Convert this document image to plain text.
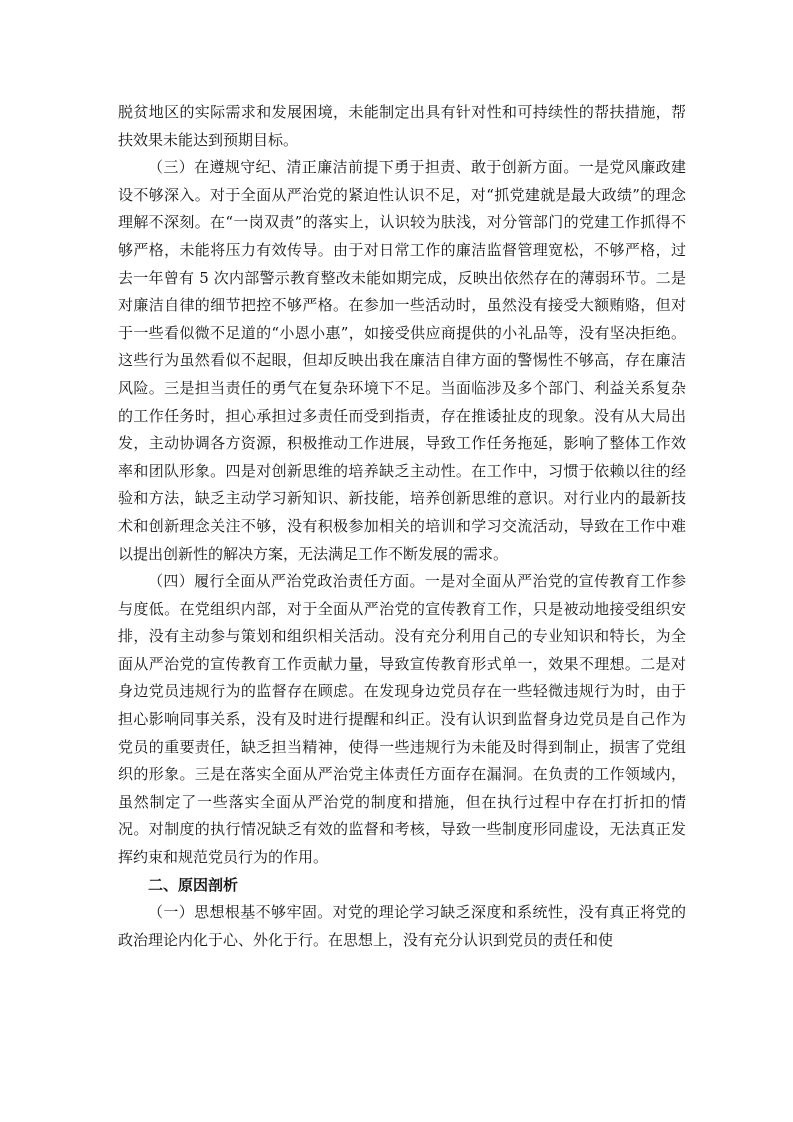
脱贫地区的实际需求和发展困境，未能制定出具有针对性和可持续性的帮扶措施，帮扶效果未能达到预期目标。

（三）在遵规守纪、清正廉洁前提下勇于担责、敢于创新方面。一是党风廉政建设不够深入。对于全面从严治党的紧迫性认识不足，对“抓党建就是最大政绩”的理念理解不深刻。在“一岗双责”的落实上，认识较为肤浅，对分管部门的党建工作抓得不够严格，未能将压力有效传导。由于对日常工作的廉洁监督管理宽松，不够严格，过去一年曾有 5 次内部警示教育整改未能如期完成，反映出依然存在的薄弱环节。二是对廉洁自律的细节把控不够严格。在参加一些活动时，虽然没有接受大额贿赂，但对于一些看似微不足道的“小恩小惠”，如接受供应商提供的小礼品等，没有坚决拒绝。这些行为虽然看似不起眼，但却反映出我在廉洁自律方面的警惕性不够高，存在廉洁风险。三是担当责任的勇气在复杂环境下不足。当面临涉及多个部门、利益关系复杂的工作任务时，担心承担过多责任而受到指责，存在推诿扯皮的现象。没有从大局出发，主动协调各方资源，积极推动工作进展，导致工作任务拖延，影响了整体工作效率和团队形象。四是对创新思维的培养缺乏主动性。在工作中，习惯于依赖以往的经验和方法，缺乏主动学习新知识、新技能，培养创新思维的意识。对行业内的最新技术和创新理念关注不够，没有积极参加相关的培训和学习交流活动，导致在工作中难以提出创新性的解决方案，无法满足工作不断发展的需求。

（四）履行全面从严治党政治责任方面。一是对全面从严治党的宣传教育工作参与度低。在党组织内部，对于全面从严治党的宣传教育工作，只是被动地接受组织安排，没有主动参与策划和组织相关活动。没有充分利用自己的专业知识和特长，为全面从严治党的宣传教育工作贡献力量，导致宣传教育形式单一，效果不理想。二是对身边党员违规行为的监督存在顾虑。在发现身边党员存在一些轻微违规行为时，由于担心影响同事关系，没有及时进行提醒和纠正。没有认识到监督身边党员是自己作为党员的重要责任，缺乏担当精神，使得一些违规行为未能及时得到制止，损害了党组织的形象。三是在落实全面从严治党主体责任方面存在漏洞。在负责的工作领域内，虽然制定了一些落实全面从严治党的制度和措施，但在执行过程中存在打折扣的情况。对制度的执行情况缺乏有效的监督和考核，导致一些制度形同虚设，无法真正发挥约束和规范党员行为的作用。

二、原因剖析

（一）思想根基不够牢固。对党的理论学习缺乏深度和系统性，没有真正将党的政治理论内化于心、外化于行。在思想上，没有充分认识到党员的责任和使
